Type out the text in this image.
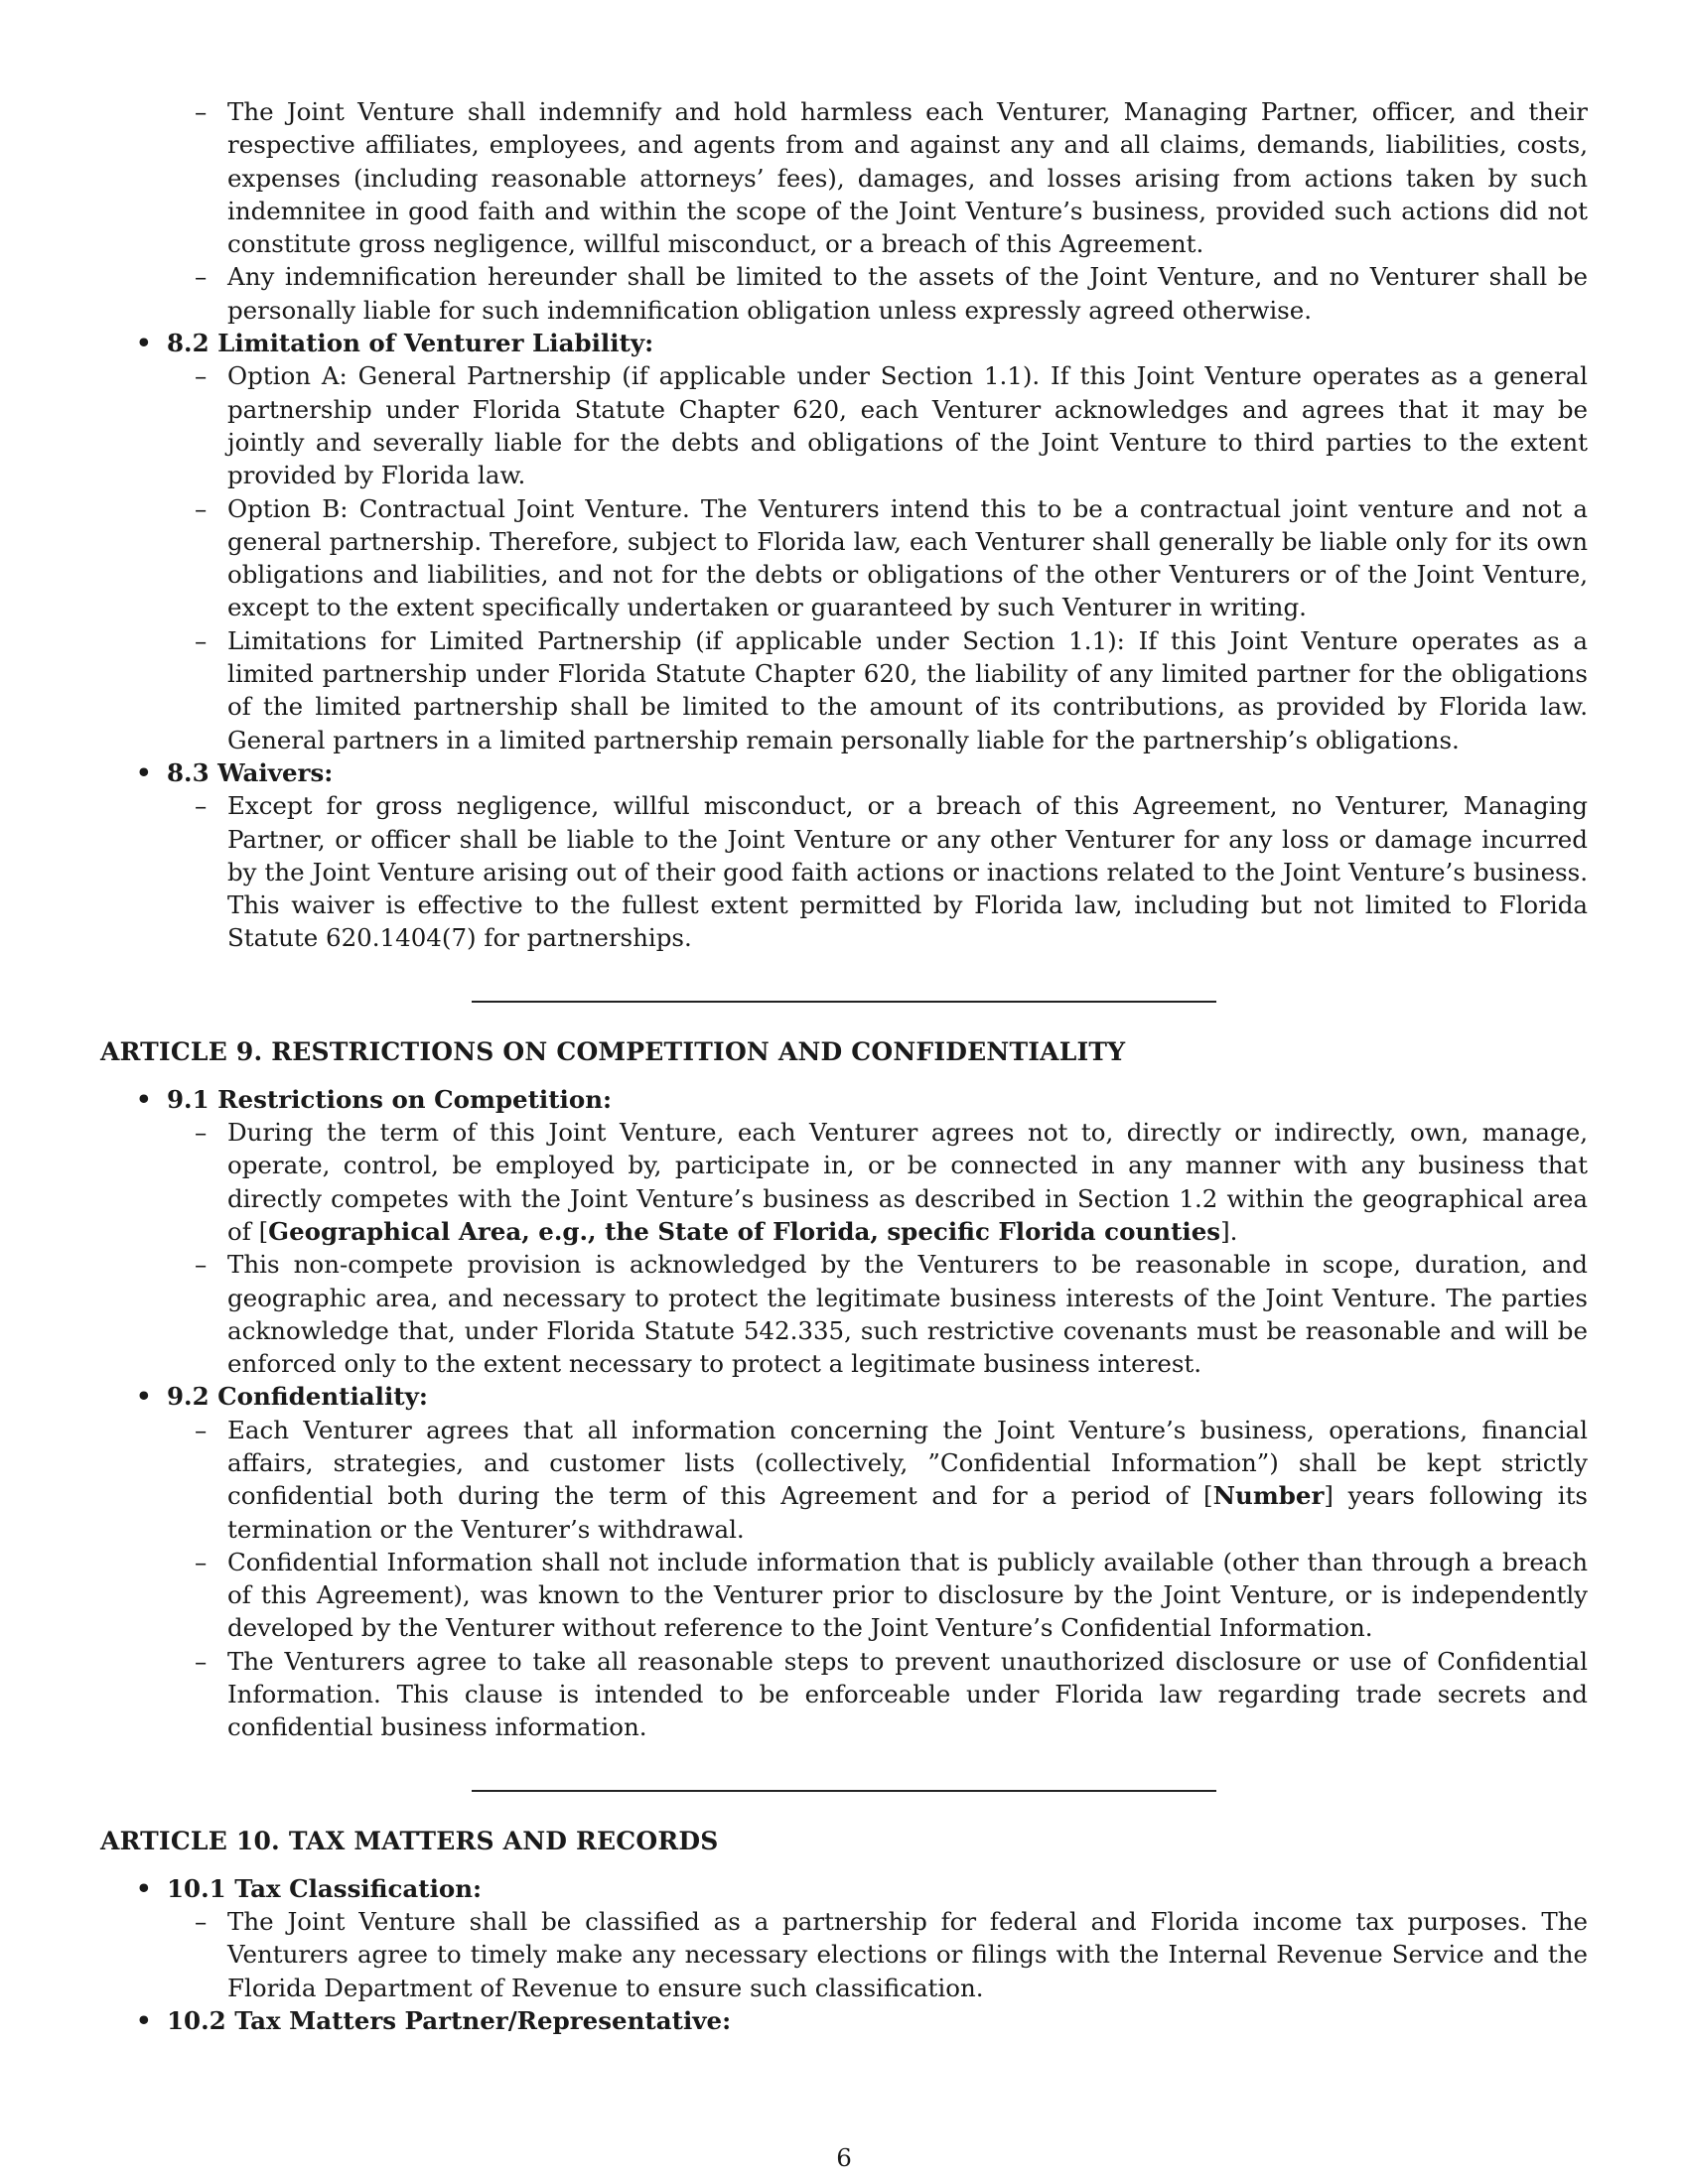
– The Joint Venture shall indemnify and hold harmless each Venturer, Managing Partner, officer, and their respective affiliates, employees, and agents from and against any and all claims, demands, liabilities, costs, expenses (including reasonable attorneys’ fees), damages, and losses arising from actions taken by such indemnitee in good faith and within the scope of the Joint Venture’s business, provided such actions did not constitute gross negligence, willful misconduct, or a breach of this Agreement.
– Any indemnification hereunder shall be limited to the assets of the Joint Venture, and no Venturer shall be personally liable for such indemnification obligation unless expressly agreed otherwise.
• 8.2 Limitation of Venturer Liability:
– Option A: General Partnership (if applicable under Section 1.1). If this Joint Venture operates as a general partnership under Florida Statute Chapter 620, each Venturer acknowledges and agrees that it may be jointly and severally liable for the debts and obligations of the Joint Venture to third parties to the extent provided by Florida law.
– Option B: Contractual Joint Venture. The Venturers intend this to be a contractual joint venture and not a general partnership. Therefore, subject to Florida law, each Venturer shall generally be liable only for its own obligations and liabilities, and not for the debts or obligations of the other Venturers or of the Joint Venture, except to the extent specifically undertaken or guaranteed by such Venturer in writing.
– Limitations for Limited Partnership (if applicable under Section 1.1): If this Joint Venture operates as a limited partnership under Florida Statute Chapter 620, the liability of any limited partner for the obligations of the limited partnership shall be limited to the amount of its contributions, as provided by Florida law. General partners in a limited partnership remain personally liable for the partnership’s obligations.
• 8.3 Waivers:
– Except for gross negligence, willful misconduct, or a breach of this Agreement, no Venturer, Managing Partner, or officer shall be liable to the Joint Venture or any other Venturer for any loss or damage incurred by the Joint Venture arising out of their good faith actions or inactions related to the Joint Venture’s business. This waiver is effective to the fullest extent permitted by Florida law, including but not limited to Florida Statute 620.1404(7) for partnerships.
ARTICLE 9. RESTRICTIONS ON COMPETITION AND CONFIDENTIALITY
• 9.1 Restrictions on Competition:
– During the term of this Joint Venture, each Venturer agrees not to, directly or indirectly, own, manage, operate, control, be employed by, participate in, or be connected in any manner with any business that directly competes with the Joint Venture’s business as described in Section 1.2 within the geographical area of [Geographical Area, e.g., the State of Florida, specific Florida counties].
– This non-compete provision is acknowledged by the Venturers to be reasonable in scope, duration, and geographic area, and necessary to protect the legitimate business interests of the Joint Venture. The parties acknowledge that, under Florida Statute 542.335, such restrictive covenants must be reasonable and will be enforced only to the extent necessary to protect a legitimate business interest.
• 9.2 Confidentiality:
– Each Venturer agrees that all information concerning the Joint Venture’s business, operations, financial affairs, strategies, and customer lists (collectively, ”Confidential Information”) shall be kept strictly confidential both during the term of this Agreement and for a period of [Number] years following its termination or the Venturer’s withdrawal.
– Confidential Information shall not include information that is publicly available (other than through a breach of this Agreement), was known to the Venturer prior to disclosure by the Joint Venture, or is independently developed by the Venturer without reference to the Joint Venture’s Confidential Information.
– The Venturers agree to take all reasonable steps to prevent unauthorized disclosure or use of Confidential Information. This clause is intended to be enforceable under Florida law regarding trade secrets and confidential business information.
ARTICLE 10. TAX MATTERS AND RECORDS
• 10.1 Tax Classification:
– The Joint Venture shall be classified as a partnership for federal and Florida income tax purposes. The Venturers agree to timely make any necessary elections or filings with the Internal Revenue Service and the Florida Department of Revenue to ensure such classification.
• 10.2 Tax Matters Partner/Representative:
6
